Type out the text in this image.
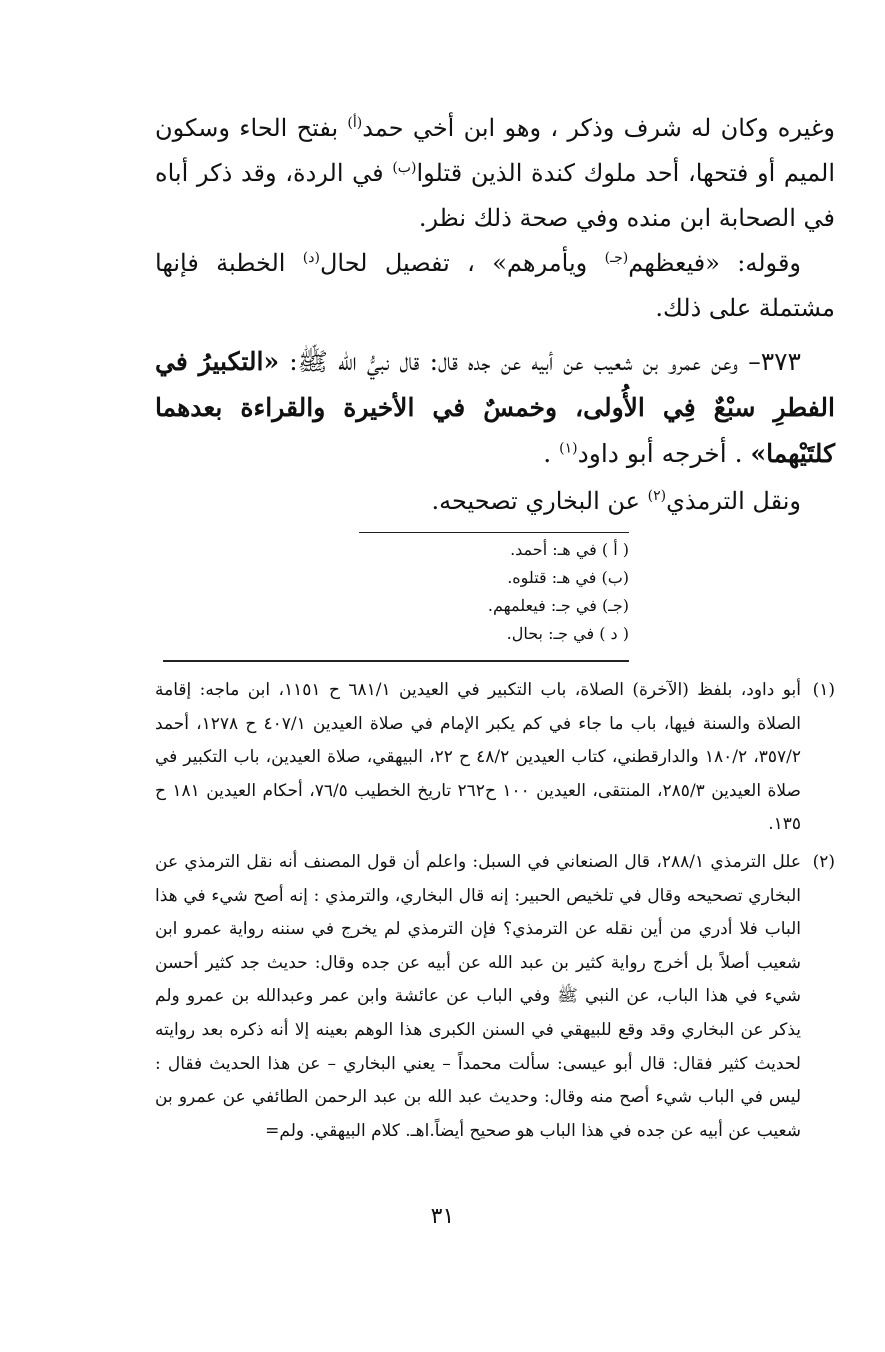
وغيره وكان له شرف وذكر ، وهو ابن أخي حمد$^{(أ)}$ بفتح الحاء وسكون الميم أو فتحها، أحد ملوك كندة الذين قتلوا$^{(ب)}$ في الردة، وقد ذكر أباه في الصحابة ابن منده وفي صحة ذلك نظر.

وقوله: «فيعظهم$^{(جـ)}$ ويأمرهم» ، تفصيل لحال$^{(د)}$ الخطبة فإنها مشتملة على ذلك.

٣٧٣– وعن عمرو بن شعيب عن أبيه عن جده قال: قال نبيُّ الله ﷺ: «التكبيرُ في الفطرِ سبْعٌ فِي الأُولى، وخمسٌ في الأخيرة والقراءة بعدهما كلتَيْهما» . أخرجه أبو داود$^{(١)}$ .

ونقل الترمذي$^{(٢)}$ عن البخاري تصحيحه.

( أ ) في هـ: أحمد.
(ب) في هـ: قتلوه.
(جـ) في جـ: فيعلمهم.
( د ) في جـ: بحال.
(١)
أبو داود، بلفظ (الآخرة) الصلاة، باب التكبير في العيدين ٦٨١/١ ح ١١٥١، ابن ماجه: إقامة الصلاة والسنة فيها، باب ما جاء في كم يكبر الإمام في صلاة العيدين ٤٠٧/١ ح ١٢٧٨، أحمد ٣٥٧/٢، ١٨٠/٢ والدارقطني، كتاب العيدين ٤٨/٢ ح ٢٢، البيهقي، صلاة العيدين، باب التكبير في صلاة العيدين ٢٨٥/٣، المنتقى، العيدين ١٠٠ ح٢٦٢ تاريخ الخطيب ٧٦/٥، أحكام العيدين ١٨١ ح ١٣٥.
(٢)
علل الترمذي ٢٨٨/١، قال الصنعاني في السبل: واعلم أن قول المصنف أنه نقل الترمذي عن البخاري تصحيحه وقال في تلخيص الحبير: إنه قال البخاري، والترمذي : إنه أصح شيء في هذا الباب فلا أدري من أين نقله عن الترمذي؟ فإن الترمذي لم يخرج في سننه رواية عمرو ابن شعيب أصلاً بل أخرج رواية كثير بن عبد الله عن أبيه عن جده وقال: حديث جد كثير أحسن شيء في هذا الباب، عن النبي ﷺ وفي الباب عن عائشة وابن عمر وعبدالله بن عمرو ولم يذكر عن البخاري وقد وقع للبيهقي في السنن الكبرى هذا الوهم بعينه إلا أنه ذكره بعد روايته لحديث كثير فقال: قال أبو عيسى: سألت محمداً – يعني البخاري – عن هذا الحديث فقال : ليس في الباب شيء أصح منه وقال: وحديث عبد الله بن عبد الرحمن الطائفي عن عمرو بن شعيب عن أبيه عن جده في هذا الباب هو صحيح أيضاً.اهـ. كلام البيهقي. ولم=
٣١
